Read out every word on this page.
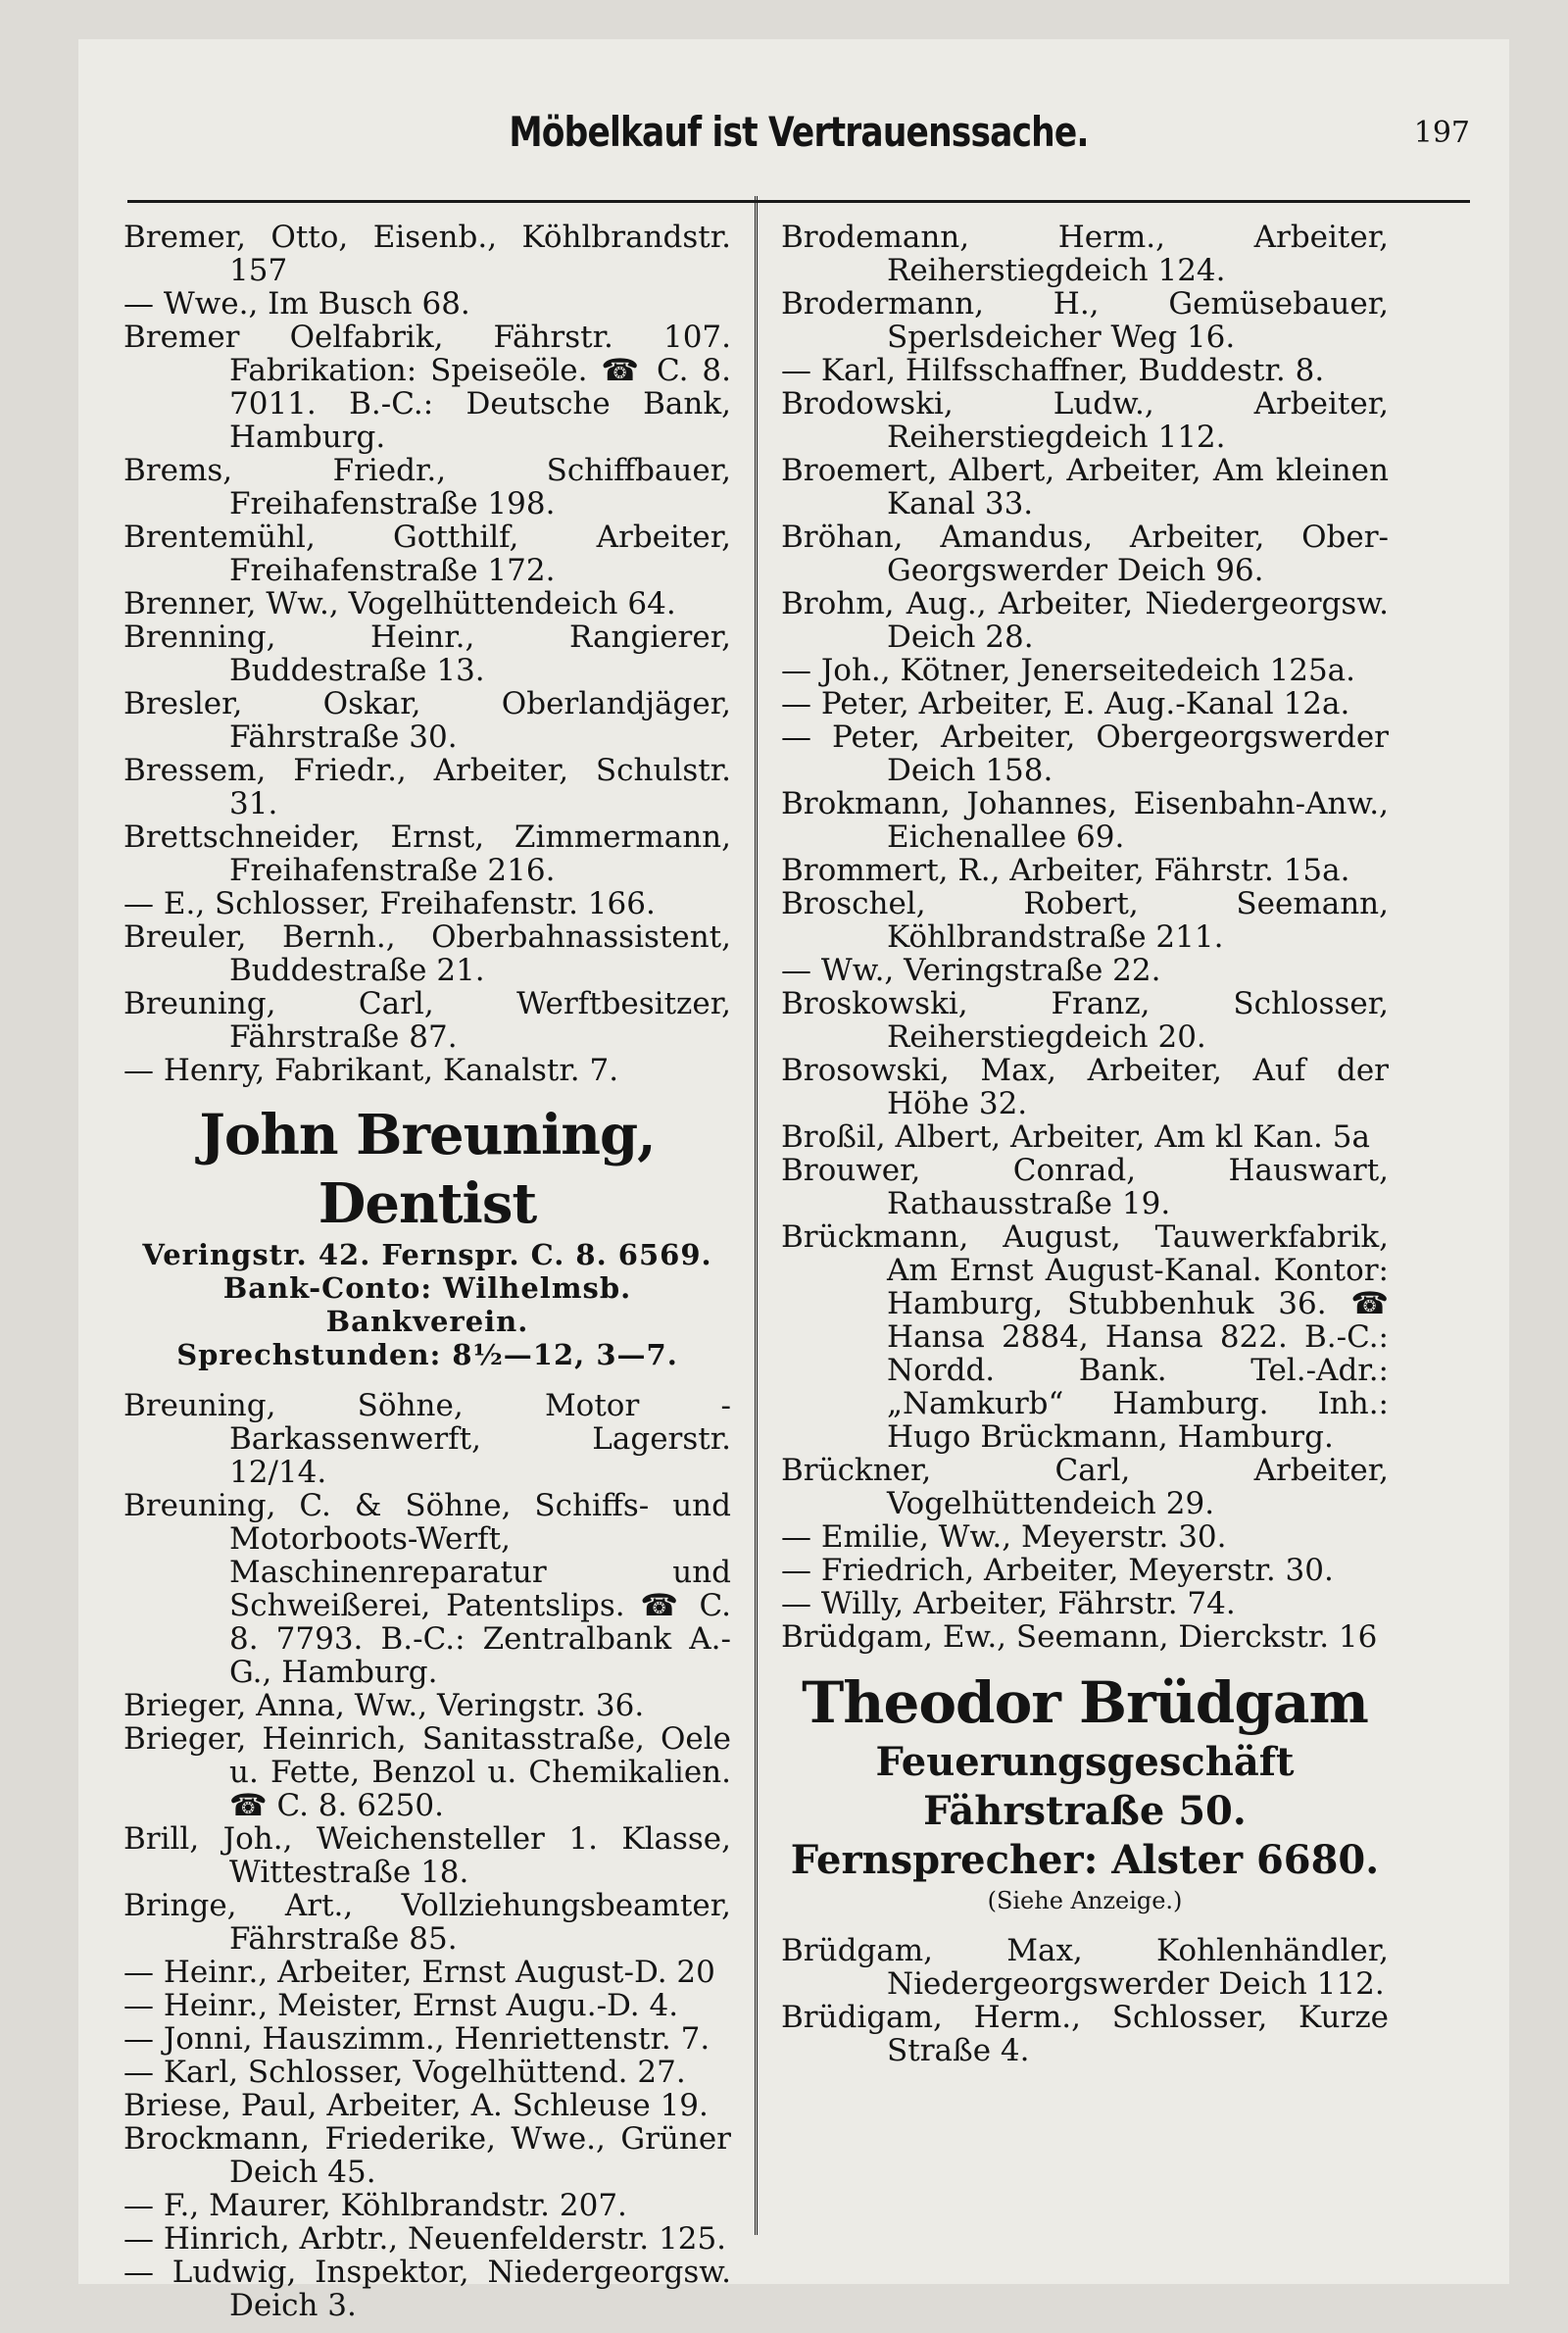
Möbelkauf ist Vertrauenssache.	197
Bremer, Otto, Eisenb., Köhlbrandstr. 157
— Wwe., Im Busch 68.
Bremer Oelfabrik, Fährstr. 107. Fabrikation: Speiseöle. ☎ C. 8. 7011. B.-C.: Deutsche Bank, Hamburg.
Brems, Friedr., Schiffbauer, Freihafenstraße 198.
Brentemühl, Gotthilf, Arbeiter, Freihafenstraße 172.
Brenner, Ww., Vogelhüttendeich 64.
Brenning, Heinr., Rangierer, Buddestraße 13.
Bresler, Oskar, Oberlandjäger, Fährstraße 30.
Bressem, Friedr., Arbeiter, Schulstr. 31.
Brettschneider, Ernst, Zimmermann, Freihafenstraße 216.
— E., Schlosser, Freihafenstr. 166.
Breuler, Bernh., Oberbahnassistent, Buddestraße 21.
Breuning, Carl, Werftbesitzer, Fährstraße 87.
— Henry, Fabrikant, Kanalstr. 7.
John Breuning, Dentist
Veringstr. 42. Fernspr. C. 8. 6569.
Bank-Conto: Wilhelmsb. Bankverein.
Sprechstunden: 8½—12, 3—7.
Breuning, Söhne, Motor - Barkassenwerft, Lagerstr. 12/14.
Breuning, C. & Söhne, Schiffs- und Motorboots-Werft, Maschinenreparatur und Schweißerei, Patentslips. ☎ C. 8. 7793. B.-C.: Zentralbank A.-G., Hamburg.
Brieger, Anna, Ww., Veringstr. 36.
Brieger, Heinrich, Sanitasstraße, Oele u. Fette, Benzol u. Chemikalien. ☎ C. 8. 6250.
Brill, Joh., Weichensteller 1. Klasse, Wittestraße 18.
Bringe, Art., Vollziehungsbeamter, Fährstraße 85.
— Heinr., Arbeiter, Ernst August-D. 20
— Heinr., Meister, Ernst Augu.-D. 4.
— Jonni, Hauszimm., Henriettenstr. 7.
— Karl, Schlosser, Vogelhüttend. 27.
Briese, Paul, Arbeiter, A. Schleuse 19.
Brockmann, Friederike, Wwe., Grüner Deich 45.
— F., Maurer, Köhlbrandstr. 207.
— Hinrich, Arbtr., Neuenfelderstr. 125.
— Ludwig, Inspektor, Niedergeorgsw. Deich 3.
Brodemann, Herm., Arbeiter, Reiherstiegdeich 124.
Brodermann, H., Gemüsebauer, Sperlsdeicher Weg 16.
— Karl, Hilfsschaffner, Buddestr. 8.
Brodowski, Ludw., Arbeiter, Reiherstiegdeich 112.
Broemert, Albert, Arbeiter, Am kleinen Kanal 33.
Bröhan, Amandus, Arbeiter, Ober-Georgswerder Deich 96.
Brohm, Aug., Arbeiter, Niedergeorgsw. Deich 28.
— Joh., Kötner, Jenerseitedeich 125a.
— Peter, Arbeiter, E. Aug.-Kanal 12a.
— Peter, Arbeiter, Obergeorgswerder Deich 158.
Brokmann, Johannes, Eisenbahn-Anw., Eichenallee 69.
Brommert, R., Arbeiter, Fährstr. 15a.
Broschel, Robert, Seemann, Köhlbrandstraße 211.
— Ww., Veringstraße 22.
Broskowski, Franz, Schlosser, Reiherstiegdeich 20.
Brosowski, Max, Arbeiter, Auf der Höhe 32.
Broßil, Albert, Arbeiter, Am kl Kan. 5a
Brouwer, Conrad, Hauswart, Rathausstraße 19.
Brückmann, August, Tauwerkfabrik, Am Ernst August-Kanal. Kontor: Hamburg, Stubbenhuk 36. ☎ Hansa 2884, Hansa 822. B.-C.: Nordd. Bank. Tel.-Adr.: „Namkurb“ Hamburg. Inh.: Hugo Brückmann, Hamburg.
Brückner, Carl, Arbeiter, Vogelhüttendeich 29.
— Emilie, Ww., Meyerstr. 30.
— Friedrich, Arbeiter, Meyerstr. 30.
— Willy, Arbeiter, Fährstr. 74.
Brüdgam, Ew., Seemann, Dierckstr. 16
Theodor Brüdgam
Feuerungsgeschäft
Fährstraße 50.
Fernsprecher: Alster 6680.
(Siehe Anzeige.)
Brüdgam, Max, Kohlenhändler, Niedergeorgswerder Deich 112.
Brüdigam, Herm., Schlosser, Kurze Straße 4.
